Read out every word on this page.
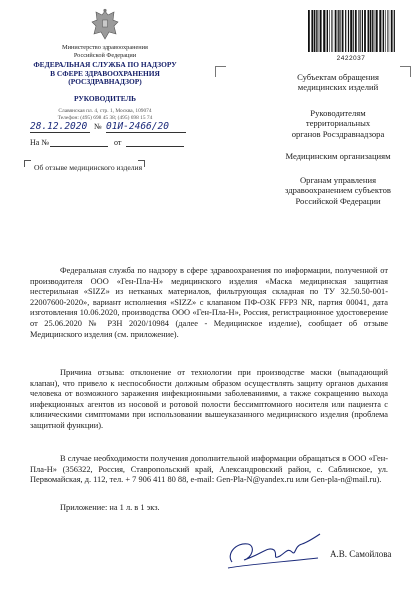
Министерство здравоохранения
Российской Федерации
ФЕДЕРАЛЬНАЯ СЛУЖБА ПО НАДЗОРУ
В СФЕРЕ ЗДРАВООХРАНЕНИЯ
(РОСЗДРАВНАДЗОР)
РУКОВОДИТЕЛЬ
Славянская пл. 4, стр. 1, Москва, 109074
Телефон: (495) 698 45 38; (495) 698 15 74
28.12.2020 № 01И-2466/20
На №	от
Об отзыве медицинского изделия
2422037
Субъектам обращения
медицинских изделий
Руководителям
территориальных
органов Росздравнадзора
Медицинским организациям
Органам управления
здравоохранением субъектов
Российской Федерации
Федеральная служба по надзору в сфере здравоохранения по информации, полученной от производителя ООО «Ген-Пла-Н» медицинского изделия «Маска медицинская защитная нестерильная «SIZZ» из нетканых материалов, фильтрующая складная по ТУ 32.50.50-001-22007600-2020», вариант исполнения «SIZZ» с клапаном ПФ-ОЗК FFP3 NR, партия 00041, дата изготовления 10.06.2020, производства ООО «Ген-Пла-Н», Россия, регистрационное удостоверение от 25.06.2020 № РЗН 2020/10984 (далее - Медицинское изделие), сообщает об отзыве Медицинского изделия (см. приложение).
Причина отзыва: отклонение от технологии при производстве маски (выпадающий клапан), что привело к неспособности должным образом осуществлять защиту органов дыхания человека от возможного заражения инфекционными заболеваниями, а также сокращению выхода инфекционных агентов из носовой и ротовой полости бессимптомного носителя или пациента с клиническими симптомами при использовании вышеуказанного медицинского изделия (проблема защитной функции).
В случае необходимости получения дополнительной информации обращаться в ООО «Ген-Пла-Н» (356322, Россия, Ставропольский край, Александровский район, с. Саблинское, ул. Первомайская, д. 112, тел. + 7 906 411 80 88, e-mail: Gen-Pla-N@yandex.ru или Gen-pla-n@mail.ru).
Приложение: на 1 л. в 1 экз.
А.В. Самойлова
